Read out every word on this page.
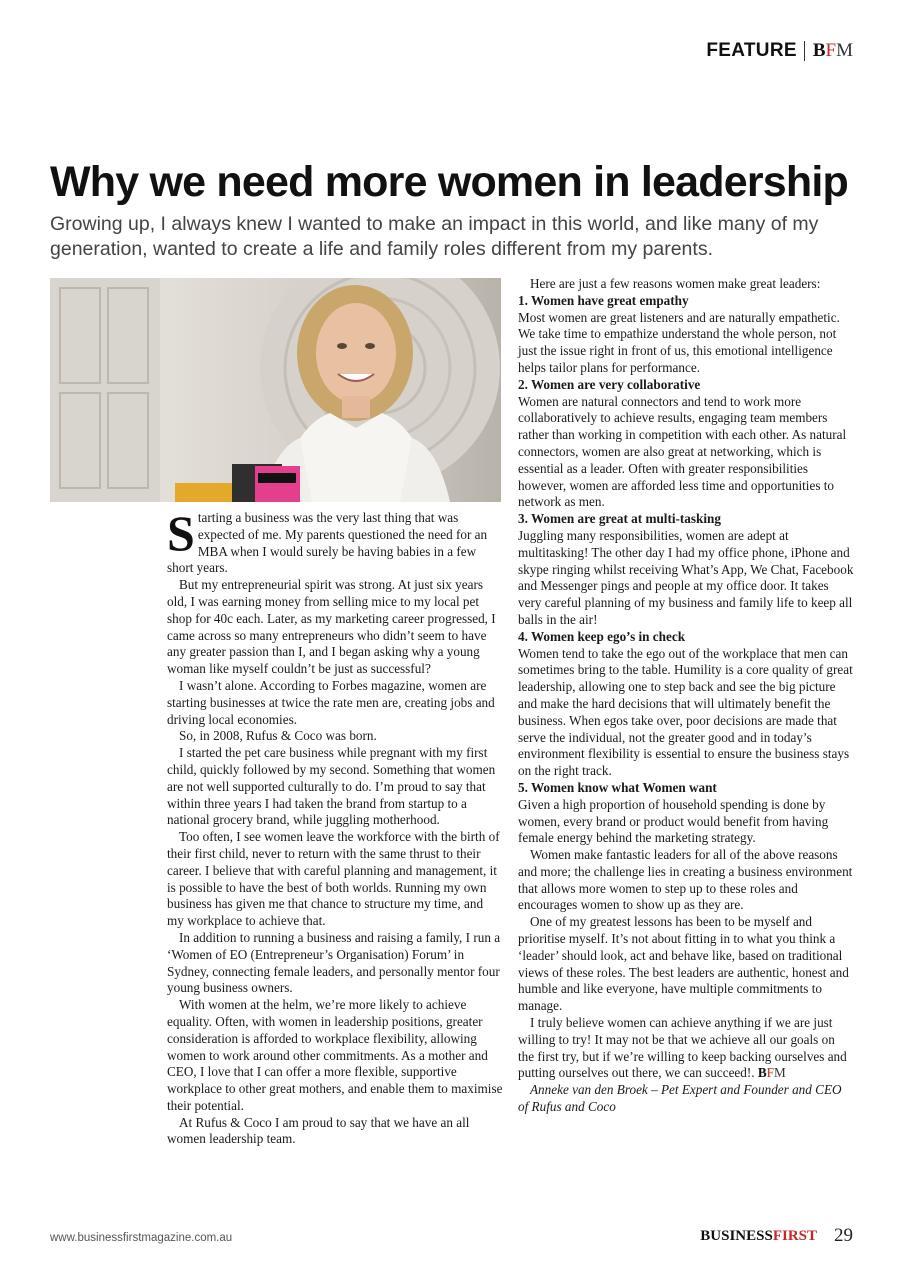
FEATURE BFM
Why we need more women in leadership

Growing up, I always knew I wanted to make an impact in this world, and like many of my generation, wanted to create a life and family roles different from my parents.

Starting a business was the very last thing that was expected of me. My parents questioned the need for an MBA when I would surely be having babies in a few short years.

But my entrepreneurial spirit was strong. At just six years old, I was earning money from selling mice to my local pet shop for 40c each. Later, as my marketing career progressed, I came across so many entrepreneurs who didn’t seem to have any greater passion than I, and I began asking why a young woman like myself couldn’t be just as successful?

I wasn’t alone. According to Forbes magazine, women are starting businesses at twice the rate men are, creating jobs and driving local economies.

So, in 2008, Rufus & Coco was born.

I started the pet care business while pregnant with my first child, quickly followed by my second. Something that women are not well supported culturally to do. I’m proud to say that within three years I had taken the brand from startup to a national grocery brand, while juggling motherhood.

Too often, I see women leave the workforce with the birth of their first child, never to return with the same thrust to their career. I believe that with careful planning and management, it is possible to have the best of both worlds. Running my own business has given me that chance to structure my time, and my workplace to achieve that.

In addition to running a business and raising a family, I run a ‘Women of EO (Entrepreneur’s Organisation) Forum’ in Sydney, connecting female leaders, and personally mentor four young business owners.

With women at the helm, we’re more likely to achieve equality. Often, with women in leadership positions, greater consideration is afforded to workplace flexibility, allowing women to work around other commitments. As a mother and CEO, I love that I can offer a more flexible, supportive workplace to other great mothers, and enable them to maximise their potential.

At Rufus & Coco I am proud to say that we have an all women leadership team.

Here are just a few reasons women make great leaders:

1. Women have great empathy

Most women are great listeners and are naturally empathetic. We take time to empathize understand the whole person, not just the issue right in front of us, this emotional intelligence helps tailor plans for performance.

2. Women are very collaborative

Women are natural connectors and tend to work more collaboratively to achieve results, engaging team members rather than working in competition with each other. As natural connectors, women are also great at networking, which is essential as a leader. Often with greater responsibilities however, women are afforded less time and opportunities to network as men.

3. Women are great at multi-tasking

Juggling many responsibilities, women are adept at multitasking! The other day I had my office phone, iPhone and skype ringing whilst receiving What’s App, We Chat, Facebook and Messenger pings and people at my office door. It takes very careful planning of my business and family life to keep all balls in the air!

4. Women keep ego’s in check

Women tend to take the ego out of the workplace that men can sometimes bring to the table. Humility is a core quality of great leadership, allowing one to step back and see the big picture and make the hard decisions that will ultimately benefit the business. When egos take over, poor decisions are made that serve the individual, not the greater good and in today’s environment flexibility is essential to ensure the business stays on the right track.

5. Women know what Women want

Given a high proportion of household spending is done by women, every brand or product would benefit from having female energy behind the marketing strategy.

Women make fantastic leaders for all of the above reasons and more; the challenge lies in creating a business environment that allows more women to step up to these roles and encourages women to show up as they are.

One of my greatest lessons has been to be myself and prioritise myself. It’s not about fitting in to what you think a ‘leader’ should look, act and behave like, based on traditional views of these roles. The best leaders are authentic, honest and humble and like everyone, have multiple commitments to manage.

I truly believe women can achieve anything if we are just willing to try! It may not be that we achieve all our goals on the first try, but if we’re willing to keep backing ourselves and putting ourselves out there, we can succeed!. BFM

Anneke van den Broek – Pet Expert and Founder and CEO of Rufus and Coco

www.businessfirstmagazine.com.au	BUSINESSFIRST 29
